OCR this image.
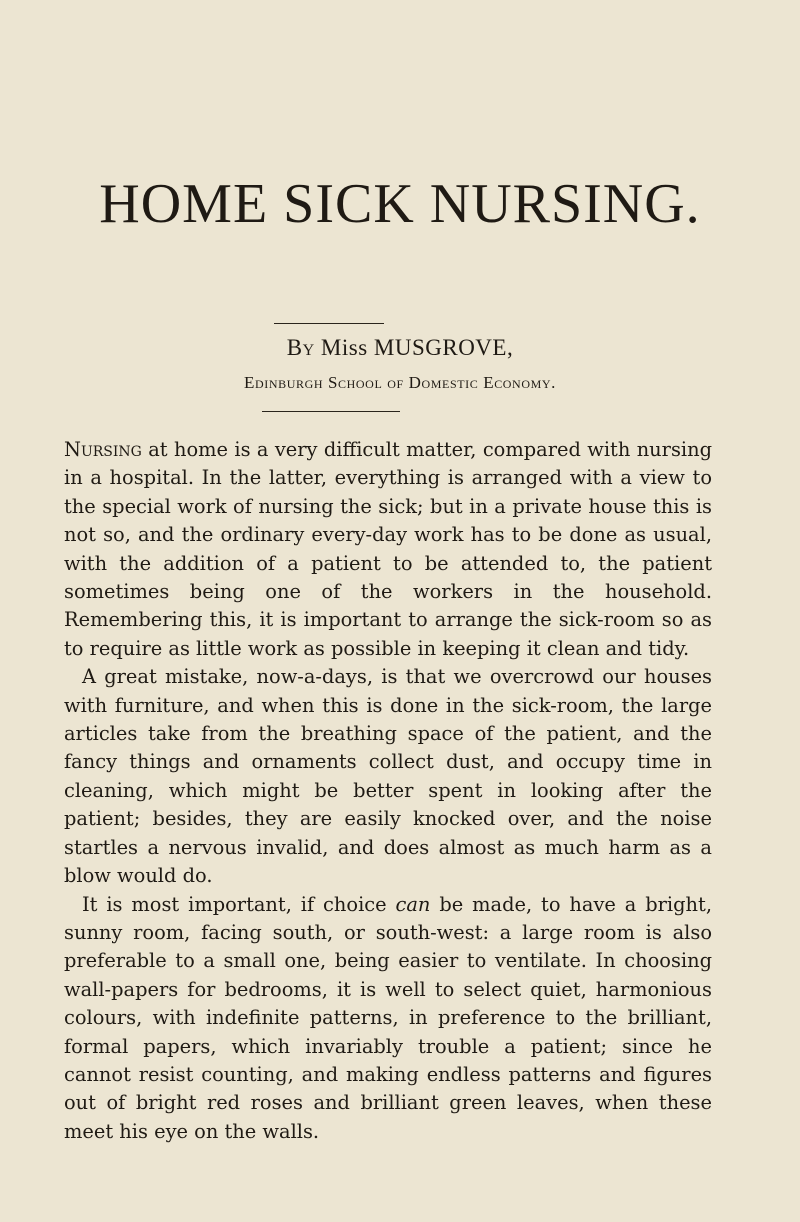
HOME SICK NURSING.
By Miss MUSGROVE,
Edinburgh School of Domestic Economy.

Nursing at home is a very difficult matter, compared with nursing in a hospital. In the latter, everything is arranged with a view to the special work of nursing the sick; but in a private house this is not so, and the ordinary every-day work has to be done as usual, with the addition of a patient to be attended to, the patient sometimes being one of the workers in the household. Remembering this, it is important to arrange the sick-room so as to require as little work as possible in keeping it clean and tidy.

A great mistake, now-a-days, is that we overcrowd our houses with furniture, and when this is done in the sick-room, the large articles take from the breathing space of the patient, and the fancy things and ornaments collect dust, and occupy time in cleaning, which might be better spent in looking after the patient; besides, they are easily knocked over, and the noise startles a nervous invalid, and does almost as much harm as a blow would do.

It is most important, if choice can be made, to have a bright, sunny room, facing south, or south-west: a large room is also preferable to a small one, being easier to ventilate. In choosing wall-papers for bedrooms, it is well to select quiet, harmonious colours, with indefinite patterns, in preference to the brilliant, formal papers, which invariably trouble a patient; since he cannot resist counting, and making endless patterns and figures out of bright red roses and brilliant green leaves, when these meet his eye on the walls.
